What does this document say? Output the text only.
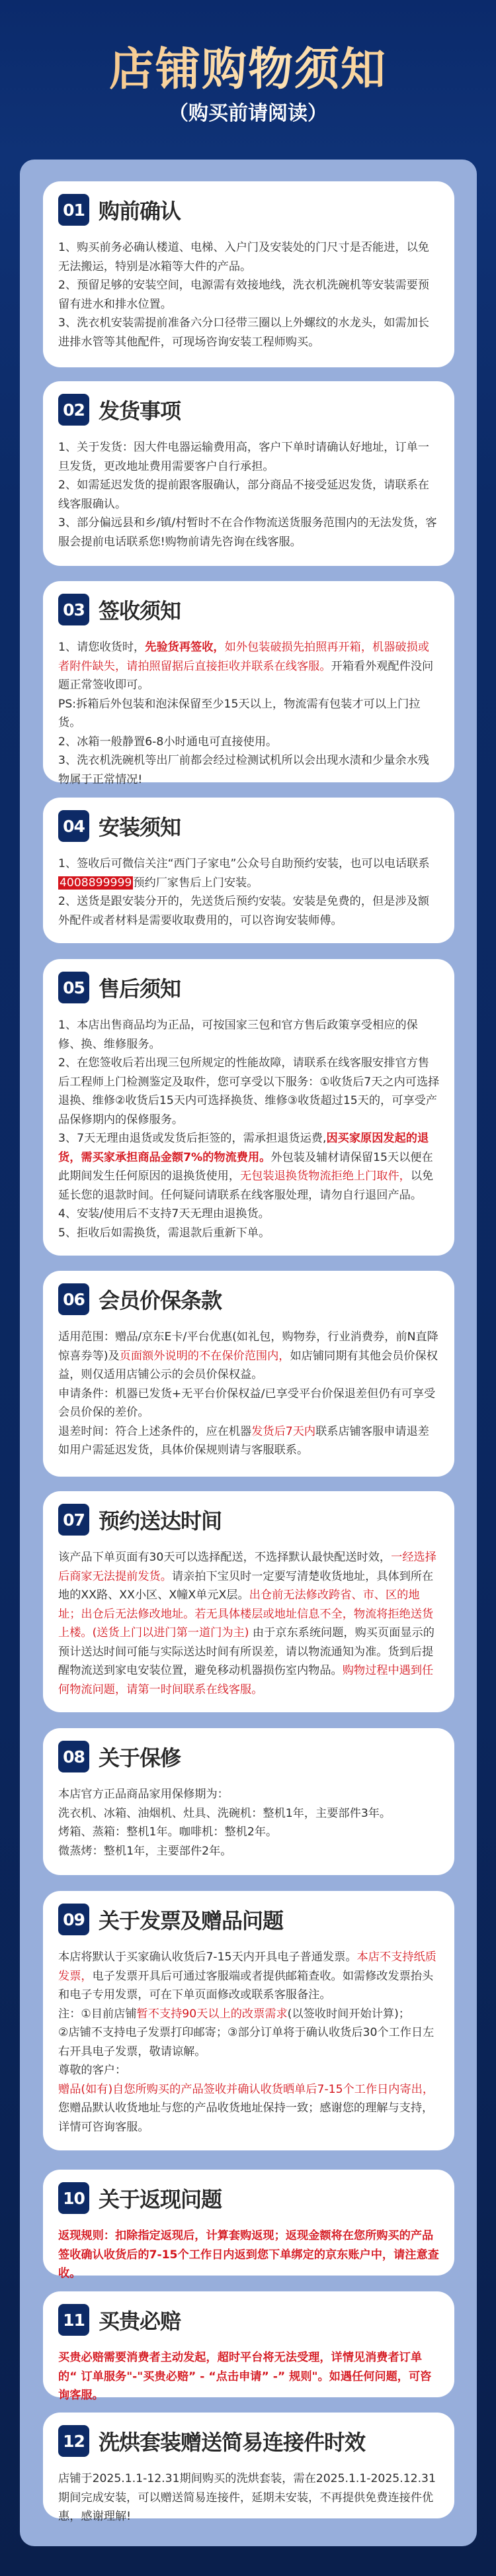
店铺购物须知
（购买前请阅读）
01 购前确认

1、购买前务必确认楼道、电梯、入户门及安装处的门尺寸是否能进，以免无法搬运，特别是冰箱等大件的产品。

2、预留足够的安装空间，电源需有效接地线，洗衣机洗碗机等安装需要预留有进水和排水位置。

3、洗衣机安装需提前准备六分口径带三圈以上外螺纹的水龙头，如需加长进排水管等其他配件，可现场咨询安装工程师购买。

02 发货事项

1、关于发货：因大件电器运输费用高，客户下单时请确认好地址，订单一旦发货，更改地址费用需要客户自行承担。

2、如需延迟发货的提前跟客服确认，部分商品不接受延迟发货，请联系在线客服确认。

3、部分偏远县和乡/镇/村暂时不在合作物流送货服务范围内的无法发货，客服会提前电话联系您!购物前请先咨询在线客服。

03 签收须知

1、请您收货时，先验货再签收，如外包装破损先拍照再开箱，机器破损或者附件缺失，请拍照留据后直接拒收并联系在线客服。开箱看外观配件没问题正常签收即可。

PS:拆箱后外包装和泡沫保留至少15天以上，物流需有包装才可以上门拉货。

2、冰箱一般静置6-8小时通电可直接使用。

3、洗衣机洗碗机等出厂前都会经过检测试机所以会出现水渍和少量余水残物属于正常情况!

04 安装须知

1、签收后可微信关注“西门子家电”公众号自助预约安装，也可以电话联系4008899999 预约厂家售后上门安装。

2、送货是跟安装分开的，先送货后预约安装。安装是免费的，但是涉及额外配件或者材料是需要收取费用的，可以咨询安装师傅。

05 售后须知

1、本店出售商品均为正品，可按国家三包和官方售后政策享受相应的保修、换、维修服务。

2、在您签收后若出现三包所规定的性能故障，请联系在线客服安排官方售后工程师上门检测鉴定及取件，您可享受以下服务：①收货后7天之内可选择退换、维修②收货后15天内可选择换货、维修③收货超过15天的，可享受产品保修期内的保修服务。

3、7天无理由退货或发货后拒签的，需承担退货运费,因买家原因发起的退货，需买家承担商品金额7%的物流费用。外包装及辅材请保留15天以便在此期间发生任何原因的退换货使用，无包装退换货物流拒绝上门取件，以免延长您的退款时间。任何疑问请联系在线客服处理，请勿自行退回产品。

4、安装/使用后不支持7天无理由退换货。

5、拒收后如需换货，需退款后重新下单。

06 会员价保条款

适用范围：赠品/京东E卡/平台优惠(如礼包，购物券，行业消费券，前N直降惊喜券等)及页面额外说明的不在保价范围内，如店铺同期有其他会员价保权益，则仅适用店铺公示的会员价保权益。

申请条件：机器已发货+无平台价保权益/已享受平台价保退差但仍有可享受会员价保的差价。

退差时间：符合上述条件的，应在机器发货后7天内联系店铺客服申请退差如用户需延迟发货，具体价保规则请与客服联系。

07 预约送达时间

该产品下单页面有30天可以选择配送，不选择默认最快配送时效，一经选择后商家无法提前发货。请亲拍下宝贝时一定要写清楚收货地址，具体到所在地的XX路、XX小区、X幢X单元X层。出仓前无法修改跨省、市、区的地址；出仓后无法修改地址。若无具体楼层或地址信息不全，物流将拒绝送货上楼。(送货上门以进门第一道门为主) 由于京东系统问题，购买页面显示的预计送达时间可能与实际送达时间有所误差，请以物流通知为准。货到后提醒物流送到家电安装位置，避免移动机器损伤室内物品。购物过程中遇到任何物流问题，请第一时间联系在线客服。

08 关于保修

本店官方正品商品家用保修期为：

洗衣机、冰箱、油烟机、灶具、洗碗机：整机1年，主要部件3年。

烤箱、蒸箱：整机1年。咖啡机：整机2年。

微蒸烤：整机1年，主要部件2年。

09 关于发票及赠品问题

本店将默认于买家确认收货后7-15天内开具电子普通发票。本店不支持纸质发票，电子发票开具后可通过客服端或者提供邮箱查收。如需修改发票抬头和电子专用发票，可在下单页面修改或联系客服备注。

注：①目前店铺暂不支持90天以上的改票需求(以签收时间开始计算)；

②店铺不支持电子发票打印邮寄；③部分订单将于确认收货后30个工作日左右开具电子发票，敬请谅解。

尊敬的客户：

赠品(如有)自您所购买的产品签收并确认收货晒单后7-15个工作日内寄出，您赠品默认收货地址与您的产品收货地址保持一致；感谢您的理解与支持，详情可咨询客服。

10 关于返现问题

返现规则：扣除指定返现后，计算套购返现；返现金额将在您所购买的产品签收确认收货后的7-15个工作日内返到您下单绑定的京东账户中，请注意查收。

11 买贵必赔

买贵必赔需要消费者主动发起，超时平台将无法受理，详情见消费者订单的“ 订单服务"-"买贵必赔” - “点击申请” -” 规则"。如遇任何问题，可咨询客服。

12 洗烘套装赠送简易连接件时效

店铺于2025.1.1-12.31期间购买的洗烘套装，需在2025.1.1-2025.12.31期间完成安装，可以赠送简易连接件，延期未安装，不再提供免费连接件优惠，感谢理解!
